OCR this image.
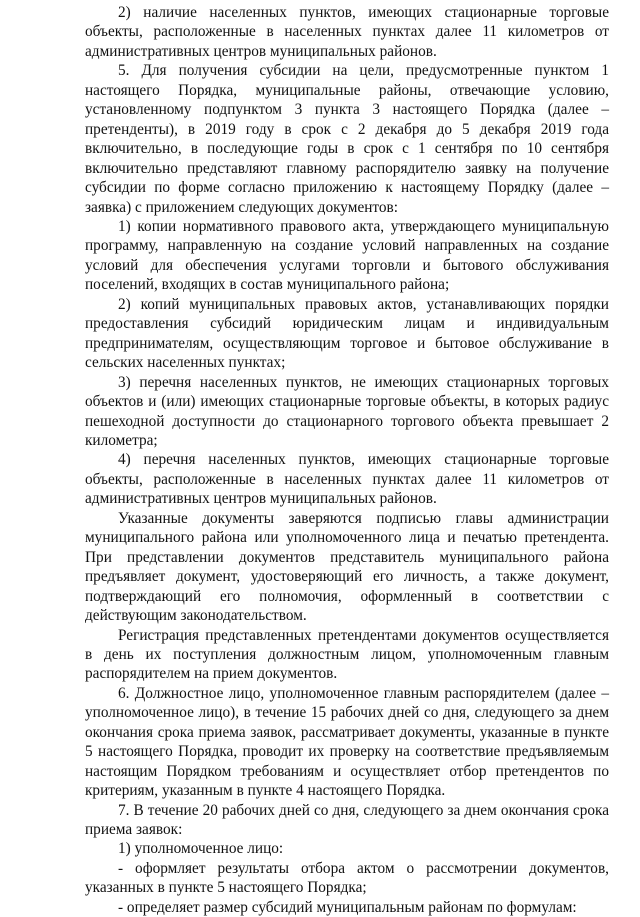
2) наличие населенных пунктов, имеющих стационарные торговые объекты, расположенные в населенных пунктах далее 11 километров от административных центров муниципальных районов.

5. Для получения субсидии на цели, предусмотренные пунктом 1 настоящего Порядка, муниципальные районы, отвечающие условию, установленному подпунктом 3 пункта 3 настоящего Порядка (далее – претенденты), в 2019 году в срок с 2 декабря до 5 декабря 2019 года включительно, в последующие годы в срок с 1 сентября по 10 сентября включительно представляют главному распорядителю заявку на получение субсидии по форме согласно приложению к настоящему Порядку (далее – заявка) с приложением следующих документов:

1) копии нормативного правового акта, утверждающего муниципальную программу, направленную на создание условий направленных на создание условий для обеспечения услугами торговли и бытового обслуживания поселений, входящих в состав муниципального района;

2) копий муниципальных правовых актов, устанавливающих порядки предоставления субсидий юридическим лицам и индивидуальным предпринимателям, осуществляющим торговое и бытовое обслуживание в сельских населенных пунктах;

3) перечня населенных пунктов, не имеющих стационарных торговых объектов и (или) имеющих стационарные торговые объекты, в которых радиус пешеходной доступности до стационарного торгового объекта превышает 2 километра;

4) перечня населенных пунктов, имеющих стационарные торговые объекты, расположенные в населенных пунктах далее 11 километров от административных центров муниципальных районов.

Указанные документы заверяются подписью главы администрации муниципального района или уполномоченного лица и печатью претендента. При представлении документов представитель муниципального района предъявляет документ, удостоверяющий его личность, а также документ, подтверждающий его полномочия, оформленный в соответствии с действующим законодательством.

Регистрация представленных претендентами документов осуществляется в день их поступления должностным лицом, уполномоченным главным распорядителем на прием документов.

6. Должностное лицо, уполномоченное главным распорядителем (далее – уполномоченное лицо), в течение 15 рабочих дней со дня, следующего за днем окончания срока приема заявок, рассматривает документы, указанные в пункте 5 настоящего Порядка, проводит их проверку на соответствие предъявляемым настоящим Порядком требованиям и осуществляет отбор претендентов по критериям, указанным в пункте 4 настоящего Порядка.

7. В течение 20 рабочих дней со дня, следующего за днем окончания срока приема заявок:

1) уполномоченное лицо:

- оформляет результаты отбора актом о рассмотрении документов, указанных в пункте 5 настоящего Порядка;

- определяет размер субсидий муниципальным районам по формулам:
